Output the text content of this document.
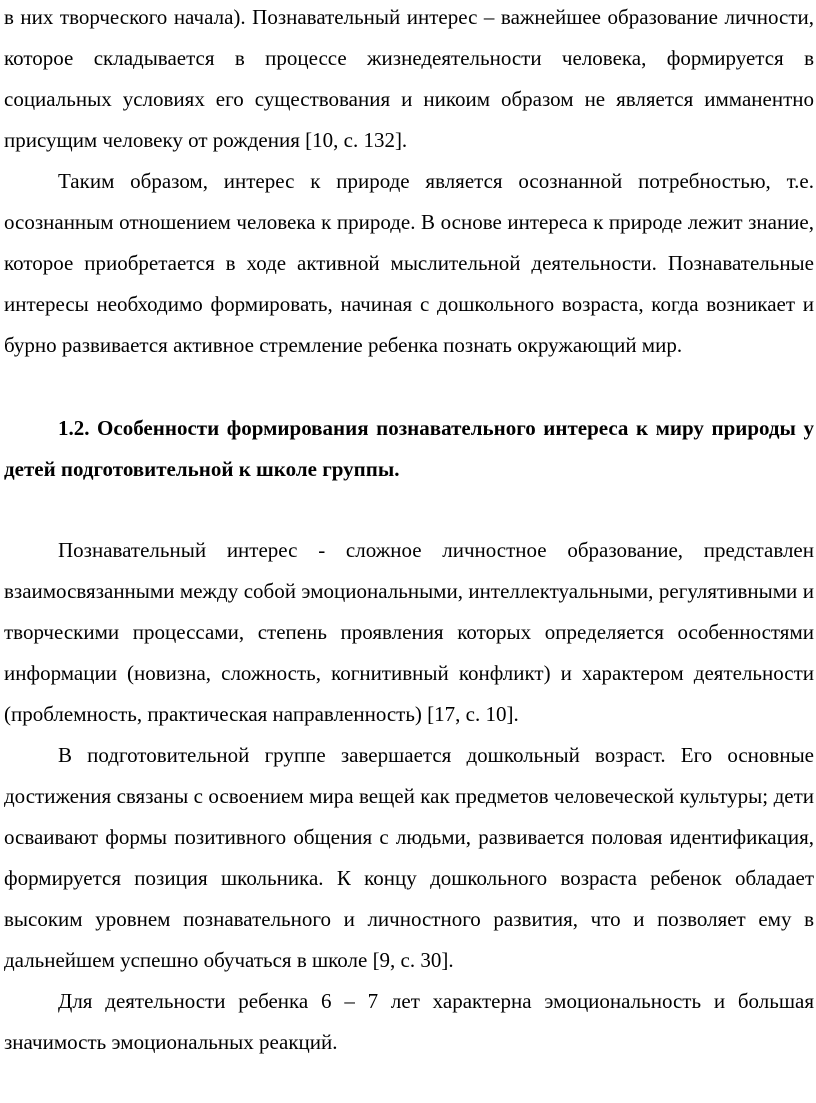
в них творческого начала). Познавательный интерес – важнейшее образование личности, которое складывается в процессе жизнедеятельности человека, формируется в социальных условиях его существования и никоим образом не является имманентно присущим человеку от рождения [10, с. 132].

Таким образом, интерес к природе является осознанной потребностью, т.е. осознанным отношением человека к природе. В основе интереса к природе лежит знание, которое приобретается в ходе активной мыслительной деятельности. Познавательные интересы необходимо формировать, начиная с дошкольного возраста, когда возникает и бурно развивается активное стремление ребенка познать окружающий мир.

1.2. Особенности формирования познавательного интереса к миру природы у детей подготовительной к школе группы.

Познавательный интерес - сложное личностное образование, представлен взаимосвязанными между собой эмоциональными, интеллектуальными, регулятивными и творческими процессами, степень проявления которых определяется особенностями информации (новизна, сложность, когнитивный конфликт) и характером деятельности (проблемность, практическая направленность) [17, с. 10].

В подготовительной группе завершается дошкольный возраст. Его основные достижения связаны с освоением мира вещей как предметов человеческой культуры; дети осваивают формы позитивного общения с людьми, развивается половая идентификация, формируется позиция школьника. К концу дошкольного возраста ребенок обладает высоким уровнем познавательного и личностного развития, что и позволяет ему в дальнейшем успешно обучаться в школе [9, с. 30].

Для деятельности ребенка 6 – 7 лет характерна эмоциональность и большая значимость эмоциональных реакций.
